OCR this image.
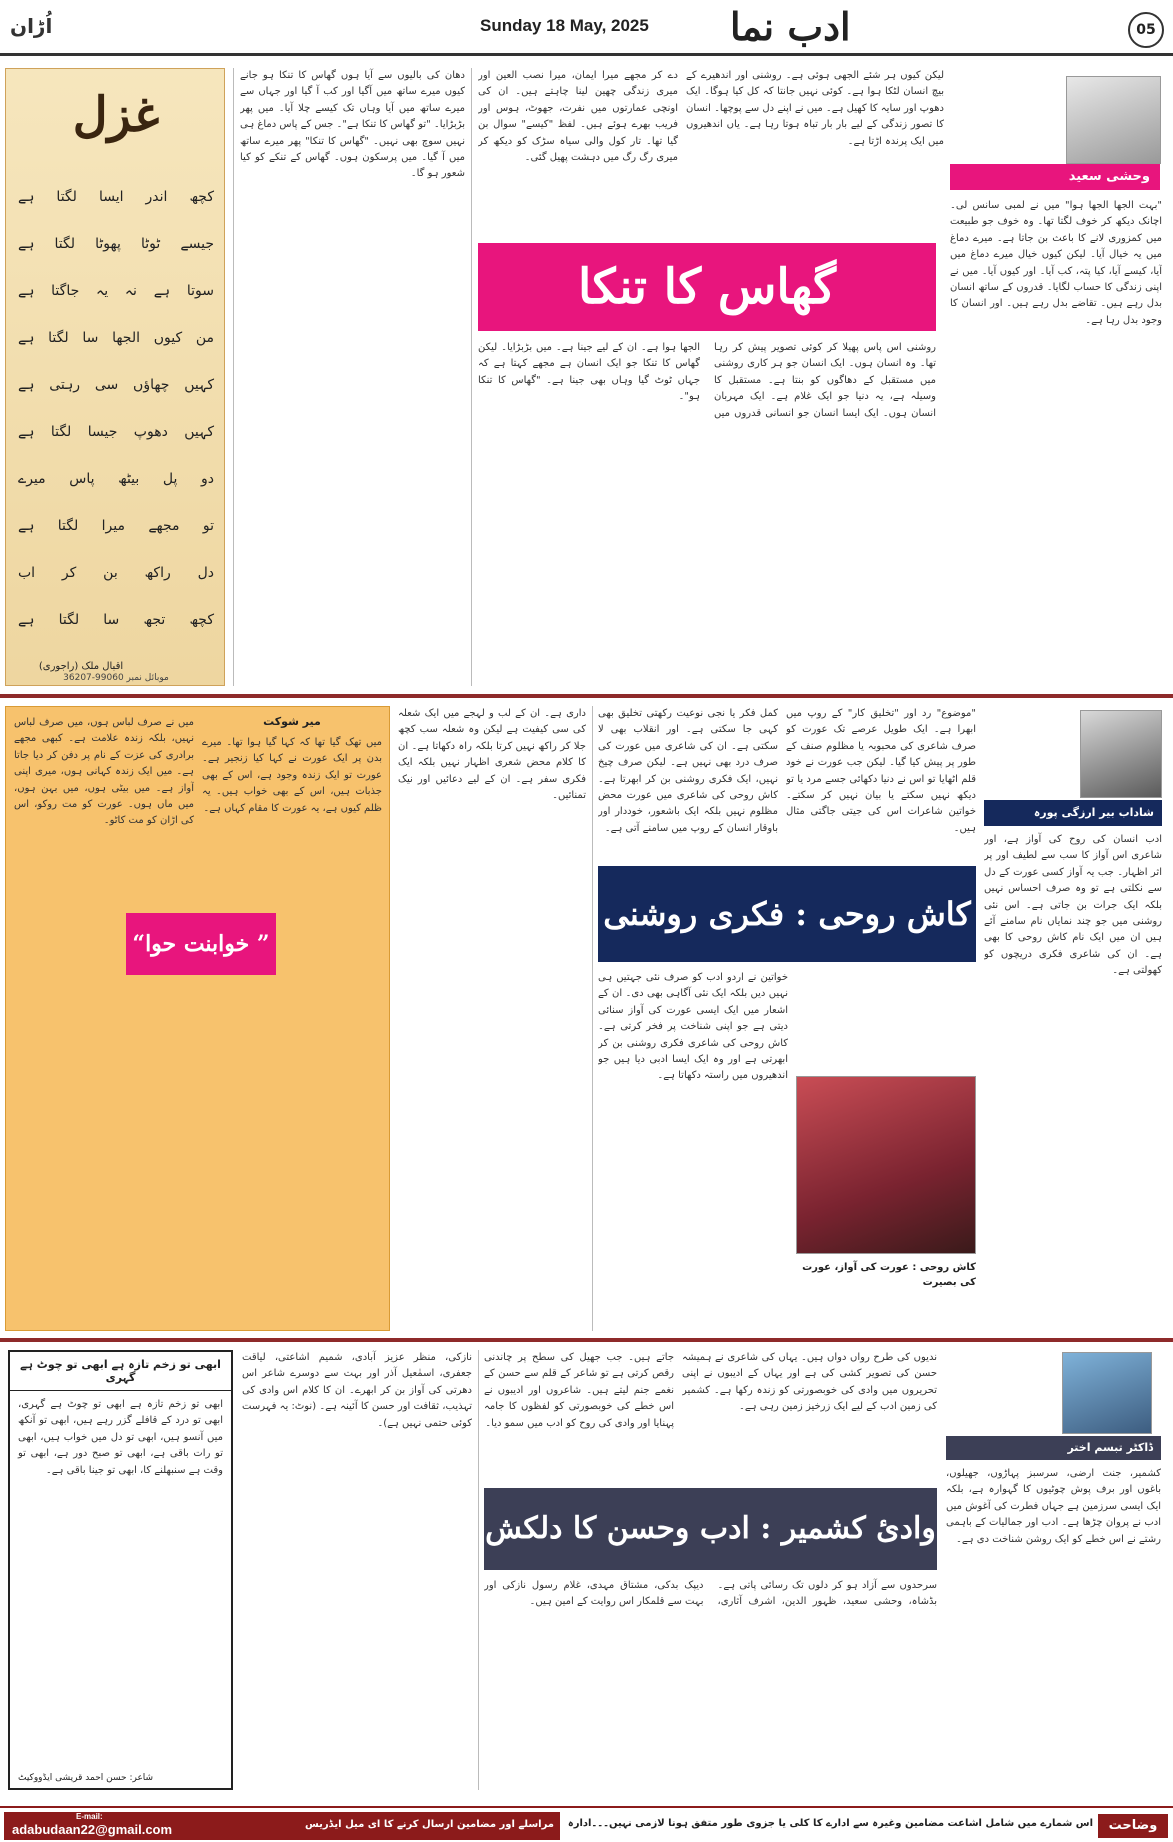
اُڑان	Sunday 18 May, 2025 ادب نما	05
غزل
کچھ اندر ایسا لگتا ہے
جیسے ٹوٹا پھوٹا لگتا ہے
سوتا ہے نہ یہ جاگتا ہے
من کیوں الجھا سا لگتا ہے
کہیں چھاؤں سی رہتی ہے
کہیں دھوپ جیسا لگتا ہے
دو پل بیٹھ پاس میرے
تو مجھے میرا لگتا ہے
دل راکھ بن کر اب
کچھ تجھ سا لگتا ہے
اقبال ملک (راجوری)
موبائل نمبر 99060-36207
دھان کی بالیوں سے آیا ہوں گھاس کا تنکا ہو جانے کیوں میرے ساتھ میں آگیا اور کب آ گیا اور جہاں سے میرے ساتھ میں آیا وہاں تک کیسے چلا آیا۔ میں پھر بڑبڑایا۔ "تو گھاس کا تنکا ہے"۔ جس کے پاس دماغ ہی نہیں سوچ بھی نہیں۔ "گھاس کا تنکا" پھر میرے ساتھ میں آ گیا۔ میں پرسکون ہوں۔ گھاس کے تنکے کو کیا شعور ہو گا۔
دے کر مجھے میرا ایمان، میرا نصب العین اور میری زندگی چھین لینا چاہتے ہیں۔ ان کی اونچی عمارتوں میں نفرت، جھوٹ، ہوس اور فریب بھرے ہوئے ہیں۔ لفظ "کیسے" سوال بن گیا تھا۔ تار کول والی سیاہ سڑک کو دیکھ کر میری رگ رگ میں دہشت پھیل گئی۔
لیکن کیوں ہر شئے الجھی ہوئی ہے۔ روشنی اور اندھیرے کے بیچ انسان لٹکا ہوا ہے۔ کوئی نہیں جانتا کہ کل کیا ہوگا۔ ایک دھوپ اور سایہ کا کھیل ہے۔ میں نے اپنے دل سے پوچھا۔ انسان کا تصور زندگی کے لیے بار بار تباہ ہوتا رہا ہے۔ یاں اندھیروں میں ایک پرندہ اڑتا ہے۔
گھاس کا تنکا
روشنی اس پاس پھیلا کر کوئی تصویر پیش کر رہا تھا۔ وہ انسان ہوں۔ ایک انسان جو ہر کاری روشنی میں مستقبل کے دھاگوں کو بنتا ہے۔ مستقبل کا وسیلہ ہے، یہ دنیا جو ایک غلام ہے۔ ایک مہربان انسان ہوں۔ ایک ایسا انسان جو انسانی قدروں میں الجھا ہوا ہے۔ ان کے لیے جینا ہے۔ میں بڑبڑایا۔ لیکن گھاس کا تنکا جو ایک انسان ہے مجھے کہتا ہے کہ جہاں ٹوٹ گیا وہاں بھی جینا ہے۔ "گھاس کا تنکا ہو"۔
وحشی سعید
"بہت الجھا الجھا ہوا" میں نے لمبی سانس لی۔ اچانک دیکھ کر خوف لگتا تھا۔ وہ خوف جو طبیعت میں کمزوری لانے کا باعث بن جاتا ہے۔ میرے دماغ میں یہ خیال آیا۔ لیکن کیوں خیال میرے دماغ میں آیا، کیسے آیا، کیا پتہ، کب آیا۔ اور کیوں آیا۔ میں نے اپنی زندگی کا حساب لگایا۔ قدروں کے ساتھ انسان بدل رہے ہیں۔ تقاضے بدل رہے ہیں۔ اور انسان کا وجود بدل رہا ہے۔
میں نے صرف لباس ہوں، میں صرف لباس نہیں، بلکہ زندہ علامت ہے۔ کبھی مجھے برادری کی عزت کے نام پر دفن کر دیا جاتا ہے۔ میں ایک زندہ کہانی ہوں، میری اپنی آواز ہے۔ میں بیٹی ہوں، میں بہن ہوں، میں ماں ہوں۔ عورت کو مت روکو، اس کی اڑان کو مت کاٹو۔
میں تھک گیا تھا کہ کہا گیا ہوا تھا۔ میرے بدن پر ایک عورت نے کہا کیا زنجیر ہے۔ عورت تو ایک زندہ وجود ہے، اس کے بھی جذبات ہیں، اس کے بھی خواب ہیں۔ یہ ظلم کیوں ہے، یہ عورت کا مقام کہاں ہے۔
میر شوکت
” خوابنت حوا“
داری ہے۔ ان کے لب و لہجے میں ایک شعلہ کی سی کیفیت ہے لیکن وہ شعلہ سب کچھ جلا کر راکھ نہیں کرتا بلکہ راہ دکھاتا ہے۔ ان کا کلام محض شعری اظہار نہیں بلکہ ایک فکری سفر ہے۔ ان کے لیے دعائیں اور نیک تمنائیں۔
کمل فکر یا نجی نوعیت رکھتی تخلیق بھی کہی جا سکتی ہے۔ اور انقلاب بھی لا سکتی ہے۔ ان کی شاعری میں عورت کی صرف درد بھی نہیں ہے۔ لیکن صرف چیخ نہیں، ایک فکری روشنی بن کر ابھرتا ہے۔ کاش روحی کی شاعری میں عورت محض مظلوم نہیں بلکہ ایک باشعور، خوددار اور باوقار انسان کے روپ میں سامنے آتی ہے۔
"موضوع" رد اور "تخلیق کار" کے روپ میں ابھرا ہے۔ ایک طویل عرصے تک عورت کو صرف شاعری کی محبوبہ یا مظلوم صنف کے طور پر پیش کیا گیا۔ لیکن جب عورت نے خود قلم اٹھایا تو اس نے دنیا دکھائی جسے مرد یا تو دیکھ نہیں سکتے یا بیان نہیں کر سکتے۔ خواتین شاعرات اس کی جیتی جاگتی مثال ہیں۔
کاش روحی : فکری روشنی کا نام
خواتین نے اردو ادب کو صرف نئی جہتیں ہی نہیں دیں بلکہ ایک نئی آگاہی بھی دی۔ ان کے اشعار میں ایک ایسی عورت کی آواز سنائی دیتی ہے جو اپنی شناخت پر فخر کرتی ہے۔ کاش روحی کی شاعری فکری روشنی بن کر ابھرتی ہے اور وہ ایک ایسا ادبی دیا ہیں جو اندھیروں میں راستہ دکھاتا ہے۔
کاش روحی : عورت کی آواز، عورت کی بصیرت
شاداب بیر ارزگی پورہ
ادب انسان کی روح کی آواز ہے، اور شاعری اس آواز کا سب سے لطیف اور پر اثر اظہار۔ جب یہ آواز کسی عورت کے دل سے نکلتی ہے تو وہ صرف احساس نہیں بلکہ ایک جرات بن جاتی ہے۔ اس نئی روشنی میں جو چند نمایاں نام سامنے آئے ہیں ان میں ایک نام کاش روحی کا بھی ہے۔ ان کی شاعری فکری دریچوں کو کھولتی ہے۔
ابھی تو زخم تازہ ہے ابھی تو چوٹ ہے گہری
ابھی تو زخم تازہ ہے ابھی تو چوٹ ہے گہری، ابھی تو درد کے قافلے گزر رہے ہیں، ابھی تو آنکھ میں آنسو ہیں، ابھی تو دل میں خواب ہیں، ابھی تو رات باقی ہے، ابھی تو صبح دور ہے، ابھی تو وقت ہے سنبھلنے کا، ابھی تو جینا باقی ہے۔
شاعر: حسن احمد قریشی ایڈووکیٹ
نازکی، منظر عزیز آبادی، شمیم اشاعتی، لیاقت جعفری، اسمٰعیل آذر اور بہت سے دوسرے شاعر اس دھرتی کی آواز بن کر ابھرے۔ ان کا کلام اس وادی کی تہذیب، ثقافت اور حسن کا آئینہ ہے۔ (نوٹ: یہ فہرست کوئی حتمی نہیں ہے)۔
جاتے ہیں۔ جب جھیل کی سطح پر چاندنی رقص کرتی ہے تو شاعر کے قلم سے حسن کے نغمے جنم لیتے ہیں۔ شاعروں اور ادیبوں نے اس خطے کی خوبصورتی کو لفظوں کا جامہ پہنایا اور وادی کی روح کو ادب میں سمو دیا۔
ندیوں کی طرح رواں دواں ہیں۔ یہاں کی شاعری نے ہمیشہ حسن کی تصویر کشی کی ہے اور یہاں کے ادیبوں نے اپنی تحریروں میں وادی کی خوبصورتی کو زندہ رکھا ہے۔ کشمیر کی زمین ادب کے لیے ایک زرخیز زمین رہی ہے۔
وادیٔ کشمیر : ادب وحسن کا دلکش سنگم
سرحدوں سے آزاد ہو کر دلوں تک رسائی پاتی ہے۔ بڈشاہ، وحشی سعید، ظہور الدین، اشرف آثاری، دیپک بدکی، مشتاق مہدی، غلام رسول نازکی اور بہت سے قلمکار اس روایت کے امین ہیں۔
ڈاکٹر تبسم اختر
کشمیر، جنت ارضی، سرسبز پہاڑوں، جھیلوں، باغوں اور برف پوش چوٹیوں کا گہوارہ ہے، بلکہ ایک ایسی سرزمین ہے جہاں فطرت کی آغوش میں ادب نے پروان چڑھا ہے۔ ادب اور جمالیات کے باہمی رشتے نے اس خطے کو ایک روشن شناخت دی ہے۔
وضاحت
اس شمارے میں شامل اشاعت مضامین وغیرہ سے ادارے کا کلی یا جزوی طور متفق ہونا لازمی نہیں۔۔۔ادارہ
مراسلے اور مضامین ارسال کرنے کا ای میل ایڈریس
E-mail:
adabudaan22@gmail.com
